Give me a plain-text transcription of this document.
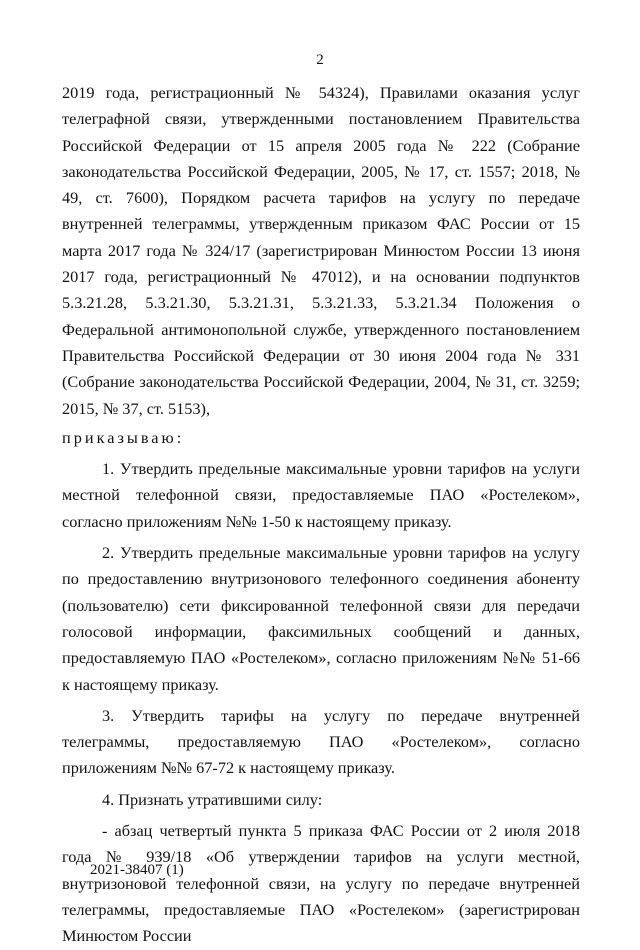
2

2019 года, регистрационный № 54324), Правилами оказания услуг телеграфной связи, утвержденными постановлением Правительства Российской Федерации от 15 апреля 2005 года № 222 (Собрание законодательства Российской Федерации, 2005, № 17, ст. 1557; 2018, № 49, ст. 7600), Порядком расчета тарифов на услугу по передаче внутренней телеграммы, утвержденным приказом ФАС России от 15 марта 2017 года № 324/17 (зарегистрирован Минюстом России 13 июня 2017 года, регистрационный № 47012), и на основании подпунктов 5.3.21.28, 5.3.21.30, 5.3.21.31, 5.3.21.33, 5.3.21.34 Положения о Федеральной антимонопольной службе, утвержденного постановлением Правительства Российской Федерации от 30 июня 2004 года № 331 (Собрание законодательства Российской Федерации, 2004, № 31, ст. 3259; 2015, № 37, ст. 5153),

приказываю:

1. Утвердить предельные максимальные уровни тарифов на услуги местной телефонной связи, предоставляемые ПАО «Ростелеком», согласно приложениям №№ 1-50 к настоящему приказу.

2. Утвердить предельные максимальные уровни тарифов на услугу по предоставлению внутризонового телефонного соединения абоненту (пользователю) сети фиксированной телефонной связи для передачи голосовой информации, факсимильных сообщений и данных, предоставляемую ПАО «Ростелеком», согласно приложениям №№ 51-66 к настоящему приказу.

3. Утвердить тарифы на услугу по передаче внутренней телеграммы, предоставляемую ПАО «Ростелеком», согласно приложениям №№ 67-72 к настоящему приказу.

4. Признать утратившими силу:

- абзац четвертый пункта 5 приказа ФАС России от 2 июля 2018 года № 939/18 «Об утверждении тарифов на услуги местной, внутризоновой телефонной связи, на услугу по передаче внутренней телеграммы, предоставляемые ПАО «Ростелеком» (зарегистрирован Минюстом России

2021-38407 (1)
